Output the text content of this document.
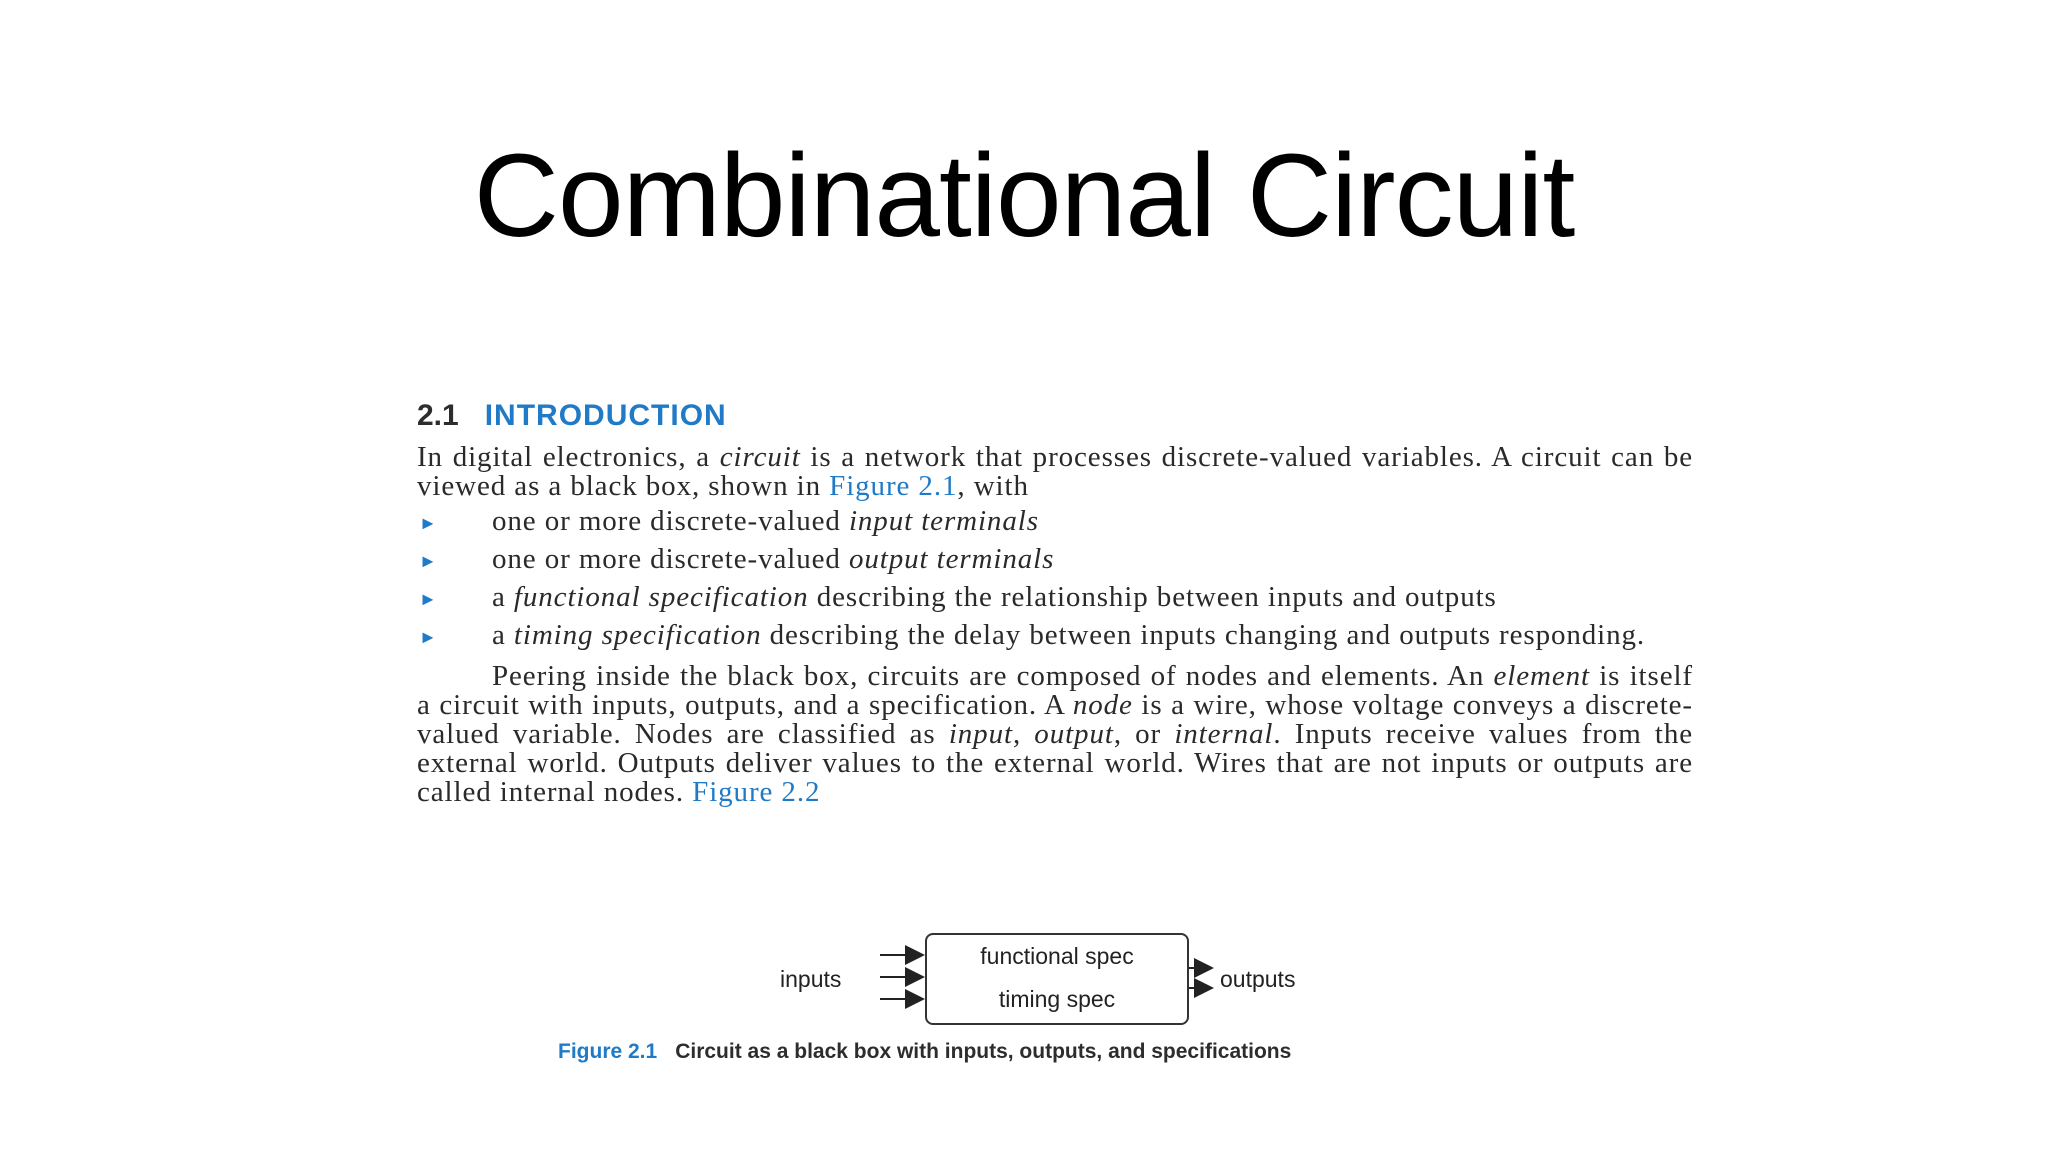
Combinational Circuit
2.1 INTRODUCTION

In digital electronics, a circuit is a network that processes discrete-valued variables. A circuit can be viewed as a black box, shown in Figure 2.1, with

► one or more discrete-valued input terminals
► one or more discrete-valued output terminals
► a functional specification describing the relationship between inputs and outputs
► a timing specification describing the delay between inputs changing and outputs responding.

Peering inside the black box, circuits are composed of nodes and elements. An element is itself a circuit with inputs, outputs, and a specification. A node is a wire, whose voltage conveys a discrete-valued variable. Nodes are classified as input, output, or internal. Inputs receive values from the external world. Outputs deliver values to the external world. Wires that are not inputs or outputs are called internal nodes. Figure 2.2

inputs
functional spec
timing spec
outputs
Figure 2.1 Circuit as a black box with inputs, outputs, and specifications
